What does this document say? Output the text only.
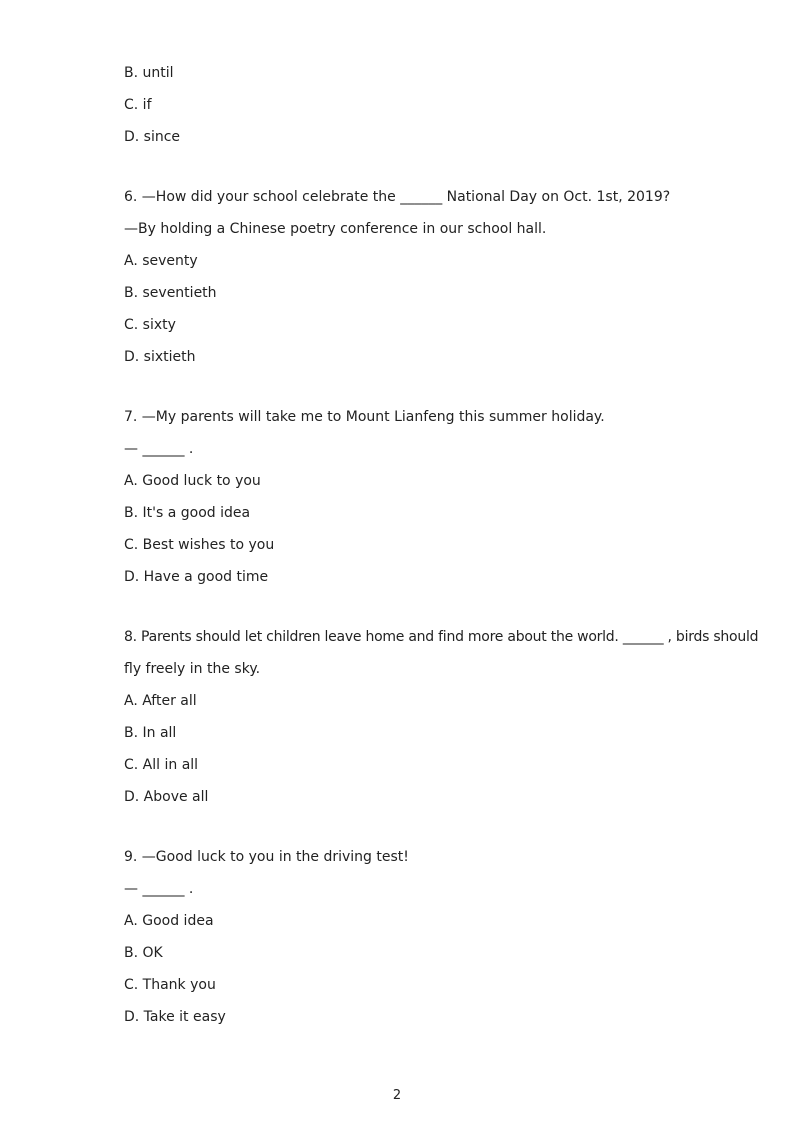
B. until
C. if
D. since
6. —How did your school celebrate the ______ National Day on Oct. 1st, 2019?
—By holding a Chinese poetry conference in our school hall.
A. seventy
B. seventieth
C. sixty
D. sixtieth
7. —My parents will take me to Mount Lianfeng this summer holiday.
— ______ .
A. Good luck to you
B. It's a good idea
C. Best wishes to you
D. Have a good time
8. Parents should let children leave home and find more about the world. ______ , birds should
fly freely in the sky.
A. After all
B. In all
C. All in all
D. Above all
9. —Good luck to you in the driving test!
— ______ .
A. Good idea
B. OK
C. Thank you
D. Take it easy
2
